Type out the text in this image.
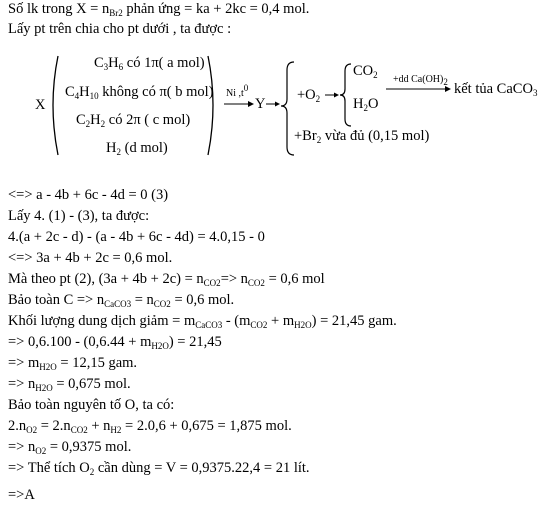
Số lk trong $X = n_{Br2}$ phản ứng = ka + 2kc = 0,4 mol.
Lấy pt trên chia cho pt dưới , ta được :
X
$C_3H_6$ có 1π( a mol)
$C_4H_{10}$ không có π( b mol)
$C_2H_2$ có 2π ( c mol)
$H_2$ (d mol)
Ni $,t^0$
Y
$+O_2$
$CO_2$
$H_2O$
+dd $Ca(OH)_2$ kết tủa CaCO$_3$
$+Br_2$ vừa đủ (0,15 mol)
<=> a - 4b + 6c - 4d = 0 (3)
Lấy 4. (1) - (3), ta được:
4.(a + 2c - d) - (a - 4b + 6c - 4d) = 4.0,15 - 0
<=> 3a + 4b + 2c = 0,6 mol.
Mà theo pt (2), $(3a + 4b + 2c) = n_{CO2}=> n_{CO2} = 0,6$ mol
Bảo toàn $C => n_{CaCO3} = n_{CO2} = 0,6$ mol.
Khối lượng dung dịch giảm = $m_{CaCO3} - (m_{CO2} + m_{H2O}) = 21,45$ gam.
=> $0,6.100 - (0,6.44 + m_{H2O}) = 21,45$
=> $m_{H2O} = 12,15$ gam.
=> $n_{H2O} = 0,675$ mol.
Bảo toàn nguyên tố O, ta có:
$2.n_{O2} = 2.n_{CO2} + n_{H2} = 2.0,6 + 0,675 = 1,875$ mol.
=> $n_{O2} = 0,9375$ mol.
=> Thể tích $O_2$ cần dùng = V = 0,9375.22,4 = 21 lít.
=>A
